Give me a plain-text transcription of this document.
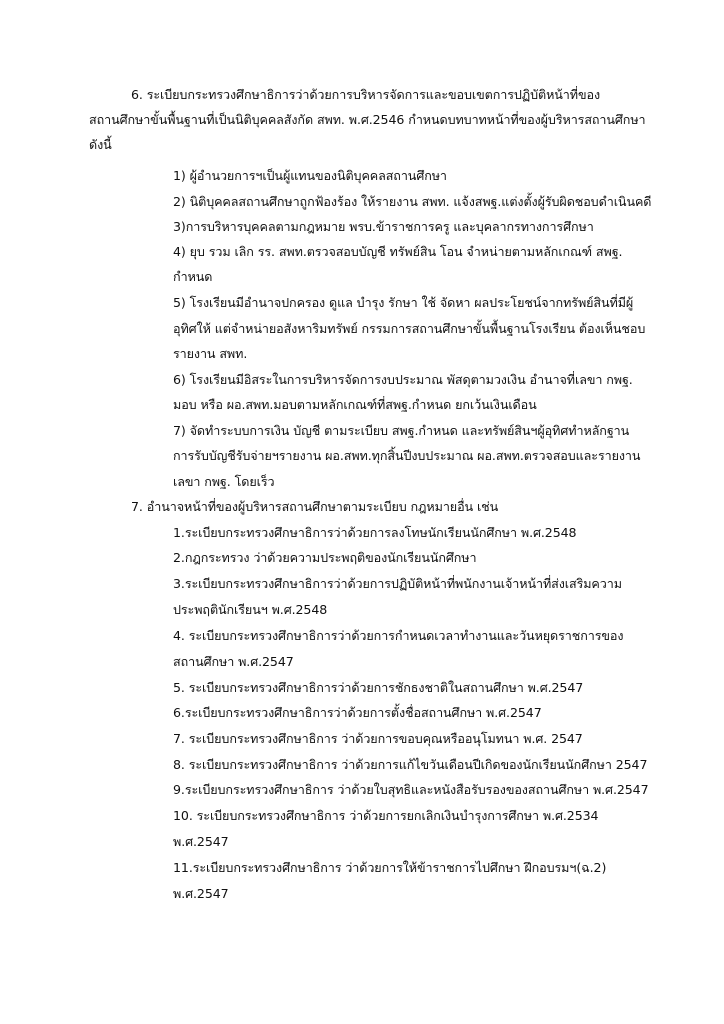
6. ระเบียบกระทรวงศึกษาธิการว่าด้วยการบริหารจัดการและขอบเขตการปฏิบัติหน้าที่ของ
สถานศึกษาขั้นพื้นฐานที่เป็นนิติบุคคลสังกัด สพท. พ.ศ.2546 กำหนดบทบาทหน้าที่ของผู้บริหารสถานศึกษา
ดังนี้
1) ผู้อำนวยการฯเป็นผู้แทนของนิติบุคคลสถานศึกษา
2) นิติบุคคลสถานศึกษาถูกฟ้องร้อง ให้รายงาน สพท. แจ้งสพฐ.แต่งตั้งผู้รับผิดชอบดำเนินคดี
3)การบริหารบุคคลตามกฎหมาย พรบ.ข้าราชการครู และบุคลากรทางการศึกษา
4) ยุบ รวม เลิก รร. สพท.ตรวจสอบบัญชี ทรัพย์สิน โอน จำหน่ายตามหลักเกณฑ์ สพฐ.
กำหนด
5) โรงเรียนมีอำนาจปกครอง ดูแล บำรุง รักษา ใช้ จัดหา ผลประโยชน์จากทรัพย์สินที่มีผู้
อุทิศให้ แต่จำหน่ายอสังหาริมทรัพย์ กรรมการสถานศึกษาขั้นพื้นฐานโรงเรียน ต้องเห็นชอบ
รายงาน สพท.
6) โรงเรียนมีอิสระในการบริหารจัดการงบประมาณ พัสดุตามวงเงิน อำนาจที่เลขา กพฐ.
มอบ หรือ ผอ.สพท.มอบตามหลักเกณฑ์ที่สพฐ.กำหนด ยกเว้นเงินเดือน
7) จัดทำระบบการเงิน บัญชี ตามระเบียบ สพฐ.กำหนด และทรัพย์สินฯผู้อุทิศทำหลักฐาน
การรับบัญชีรับจ่ายฯรายงาน ผอ.สพท.ทุกสิ้นปีงบประมาณ ผอ.สพท.ตรวจสอบและรายงาน
เลขา กพฐ. โดยเร็ว
7. อำนาจหน้าที่ของผู้บริหารสถานศึกษาตามระเบียบ กฎหมายอื่น เช่น
1.ระเบียบกระทรวงศึกษาธิการว่าด้วยการลงโทษนักเรียนนักศึกษา พ.ศ.2548
2.กฎกระทรวง ว่าด้วยความประพฤติของนักเรียนนักศึกษา
3.ระเบียบกระทรวงศึกษาธิการว่าด้วยการปฏิบัติหน้าที่พนักงานเจ้าหน้าที่ส่งเสริมความ
ประพฤตินักเรียนฯ พ.ศ.2548
4. ระเบียบกระทรวงศึกษาธิการว่าด้วยการกำหนดเวลาทำงานและวันหยุดราชการของ
สถานศึกษา พ.ศ.2547
5. ระเบียบกระทรวงศึกษาธิการว่าด้วยการชักธงชาติในสถานศึกษา พ.ศ.2547
6.ระเบียบกระทรวงศึกษาธิการว่าด้วยการตั้งชื่อสถานศึกษา พ.ศ.2547
7. ระเบียบกระทรวงศึกษาธิการ ว่าด้วยการขอบคุณหรืออนุโมทนา พ.ศ. 2547
8. ระเบียบกระทรวงศึกษาธิการ ว่าด้วยการแก้ไขวันเดือนปีเกิดของนักเรียนนักศึกษา 2547
9.ระเบียบกระทรวงศึกษาธิการ ว่าด้วยใบสุทธิและหนังสือรับรองของสถานศึกษา พ.ศ.2547
10. ระเบียบกระทรวงศึกษาธิการ ว่าด้วยการยกเลิกเงินบำรุงการศึกษา พ.ศ.2534
พ.ศ.2547
11.ระเบียบกระทรวงศึกษาธิการ ว่าด้วยการให้ข้าราชการไปศึกษา ฝึกอบรมฯ(ฉ.2)
พ.ศ.2547
